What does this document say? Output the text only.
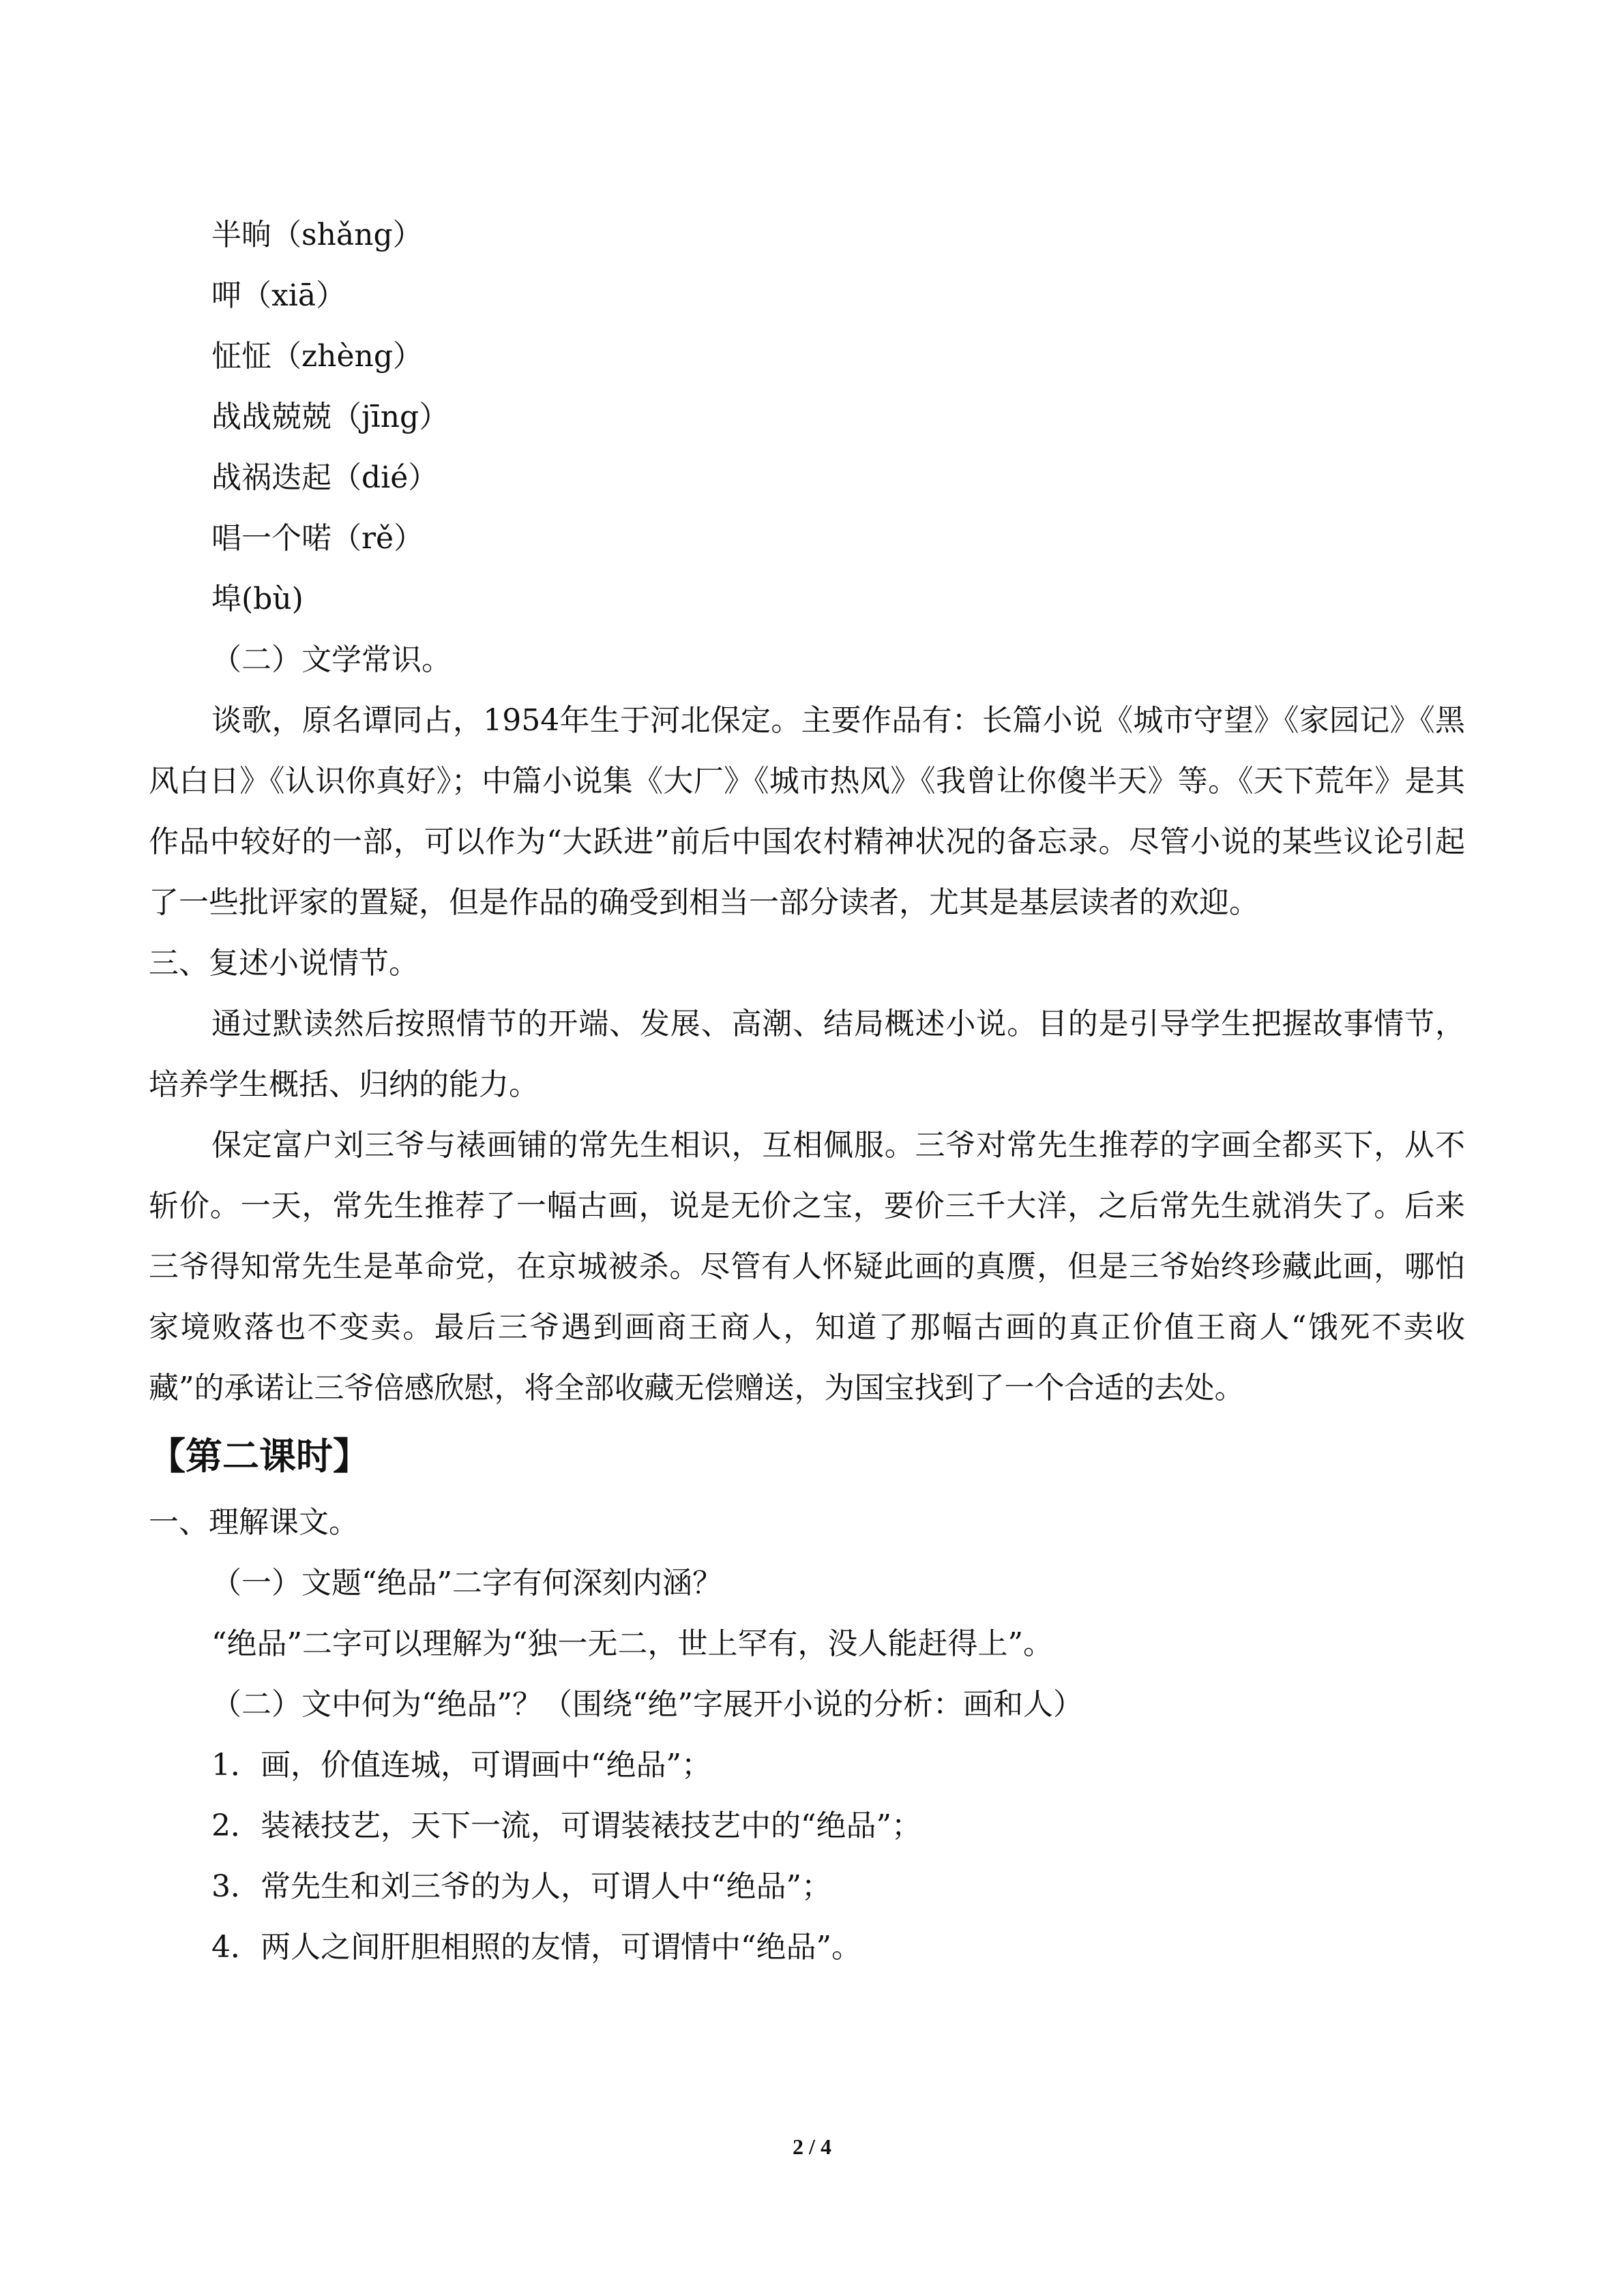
半晌（shǎng）
呷（xiā）
怔怔（zhèng）
战战兢兢（jīng）
战祸迭起（dié）
唱一个喏（rě）
埠(bù)
（二）文学常识。
谈歌，原名谭同占，1954年生于河北保定。主要作品有：长篇小说《城市守望》《家园记》《黑风白日》《认识你真好》；中篇小说集《大厂》《城市热风》《我曾让你傻半天》等。《天下荒年》是其作品中较好的一部，可以作为“大跃进”前后中国农村精神状况的备忘录。尽管小说的某些议论引起了一些批评家的置疑，但是作品的确受到相当一部分读者，尤其是基层读者的欢迎。
三、复述小说情节。
通过默读然后按照情节的开端、发展、高潮、结局概述小说。目的是引导学生把握故事情节，培养学生概括、归纳的能力。
保定富户刘三爷与裱画铺的常先生相识，互相佩服。三爷对常先生推荐的字画全都买下，从不斩价。一天，常先生推荐了一幅古画，说是无价之宝，要价三千大洋，之后常先生就消失了。后来三爷得知常先生是革命党，在京城被杀。尽管有人怀疑此画的真赝，但是三爷始终珍藏此画，哪怕家境败落也不变卖。最后三爷遇到画商王商人，知道了那幅古画的真正价值王商人“饿死不卖收藏”的承诺让三爷倍感欣慰，将全部收藏无偿赠送，为国宝找到了一个合适的去处。
【第二课时】
一、理解课文。
（一）文题“绝品”二字有何深刻内涵？
“绝品”二字可以理解为“独一无二，世上罕有，没人能赶得上”。
（二）文中何为“绝品”？（围绕“绝”字展开小说的分析：画和人）
1．画，价值连城，可谓画中“绝品”；
2．装裱技艺，天下一流，可谓装裱技艺中的“绝品”；
3．常先生和刘三爷的为人，可谓人中“绝品”；
4．两人之间肝胆相照的友情，可谓情中“绝品”。
2 / 4
